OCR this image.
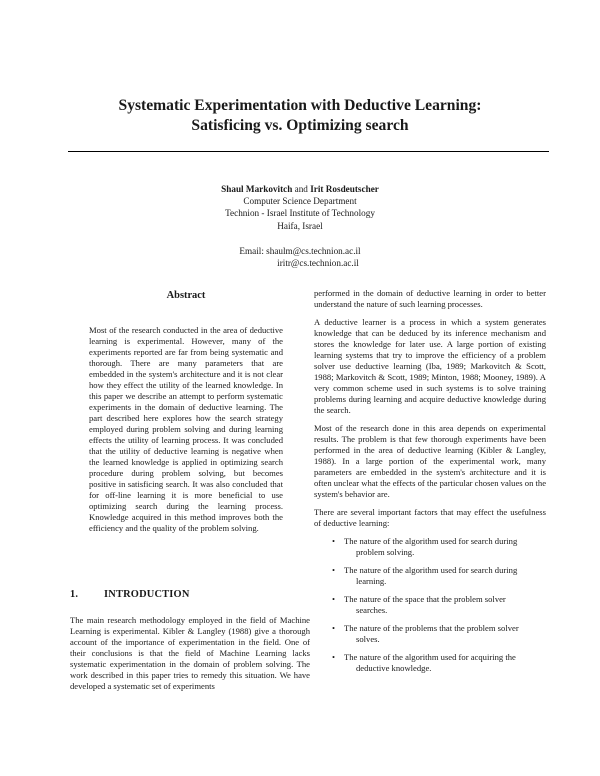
Systematic Experimentation with Deductive Learning:
Satisficing vs. Optimizing search
Shaul Markovitch and Irit Rosdeutscher
Computer Science Department
Technion - Israel Institute of Technology
Haifa, Israel
Email: shaulm@cs.technion.ac.il
iritr@cs.technion.ac.il
Abstract
Most of the research conducted in the area of deductive learning is experimental. However, many of the experiments reported are far from being systematic and thorough. There are many parameters that are embedded in the system's architecture and it is not clear how they effect the utility of the learned knowledge. In this paper we describe an attempt to perform systematic experiments in the domain of deductive learning. The part described here explores how the search strategy employed during problem solving and during learning effects the utility of learning process. It was concluded that the utility of deductive learning is negative when the learned knowledge is applied in optimizing search procedure during problem solving, but becomes positive in satisficing search. It was also concluded that for off-line learning it is more beneficial to use optimizing search during the learning process. Knowledge acquired in this method improves both the efficiency and the quality of the problem solving.
1. INTRODUCTION
The main research methodology employed in the field of Machine Learning is experimental. Kibler & Langley (1988) give a thorough account of the importance of experimentation in the field. One of their conclusions is that the field of Machine Learning lacks systematic experimentation in the domain of problem solving. The work described in this paper tries to remedy this situation. We have developed a systematic set of experiments

performed in the domain of deductive learning in order to better understand the nature of such learning processes.

A deductive learner is a process in which a system generates knowledge that can be deduced by its inference mechanism and stores the knowledge for later use. A large portion of existing learning systems that try to improve the efficiency of a problem solver use deductive learning (Iba, 1989; Markovitch & Scott, 1988; Markovitch & Scott, 1989; Minton, 1988; Mooney, 1989). A very common scheme used in such systems is to solve training problems during learning and acquire deductive knowledge during the search.

Most of the research done in this area depends on experimental results. The problem is that few thorough experiments have been performed in the area of deductive learning (Kibler & Langley, 1988). In a large portion of the experimental work, many parameters are embedded in the system's architecture and it is often unclear what the effects of the particular chosen values on the system's behavior are.

There are several important factors that may effect the usefulness of deductive learning:

• The nature of the algorithm used for search during
problem solving.
• The nature of the algorithm used for search during
learning.
• The nature of the space that the problem solver
searches.
• The nature of the problems that the problem solver
solves.
• The nature of the algorithm used for acquiring the
deductive knowledge.
